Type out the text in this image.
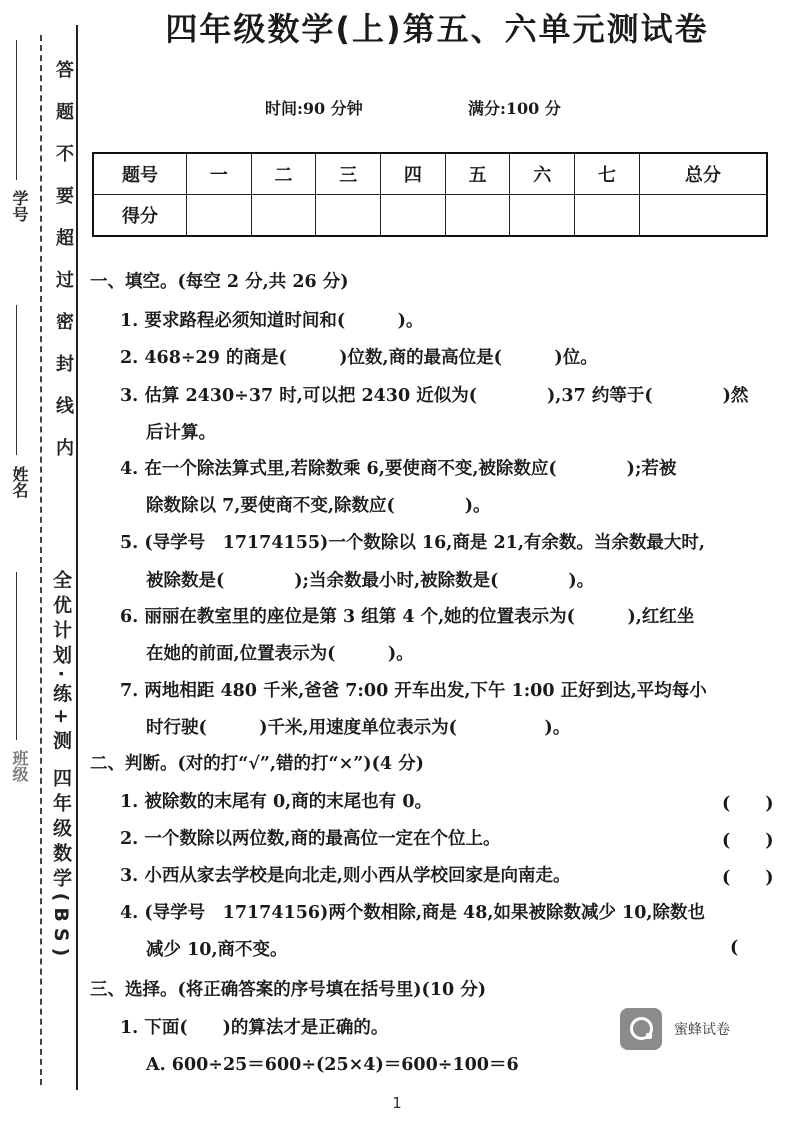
答题不要超过密封线内
全优计划·练+测 四年级数学(BS)
学号
姓名
班级
四年级数学(上)第五、六单元测试卷
时间:90 分钟	满分:100 分
题号	一	二	三	四	五	六	七	总分
得分								
一、填空。(每空 2 分,共 26 分)
1. 要求路程必须知道时间和(　　　)。
2. 468÷29 的商是(　　　)位数,商的最高位是(　　　)位。
3. 估算 2430÷37 时,可以把 2430 近似为(　　　　),37 约等于(　　　　)然
后计算。
4. 在一个除法算式里,若除数乘 6,要使商不变,被除数应(　　　　);若被
除数除以 7,要使商不变,除数应(　　　　)。
5. (导学号　17174155)一个数除以 16,商是 21,有余数。当余数最大时,
被除数是(　　　　);当余数最小时,被除数是(　　　　)。
6. 丽丽在教室里的座位是第 3 组第 4 个,她的位置表示为(　　　),红红坐
在她的前面,位置表示为(　　　)。
7. 两地相距 480 千米,爸爸 7:00 开车出发,下午 1:00 正好到达,平均每小
时行驶(　　　)千米,用速度单位表示为(　　　　　)。
二、判断。(对的打“√”,错的打“×”)(4 分)
1. 被除数的末尾有 0,商的末尾也有 0。	(　　)
2. 一个数除以两位数,商的最高位一定在个位上。	(　　)
3. 小西从家去学校是向北走,则小西从学校回家是向南走。	(　　)
4. (导学号　17174156)两个数相除,商是 48,如果被除数减少 10,除数也
减少 10,商不变。	(
三、选择。(将正确答案的序号填在括号里)(10 分)
1. 下面(　　)的算法才是正确的。
A. 600÷25＝600÷(25×4)＝600÷100＝6
蜜蜂试卷
1
